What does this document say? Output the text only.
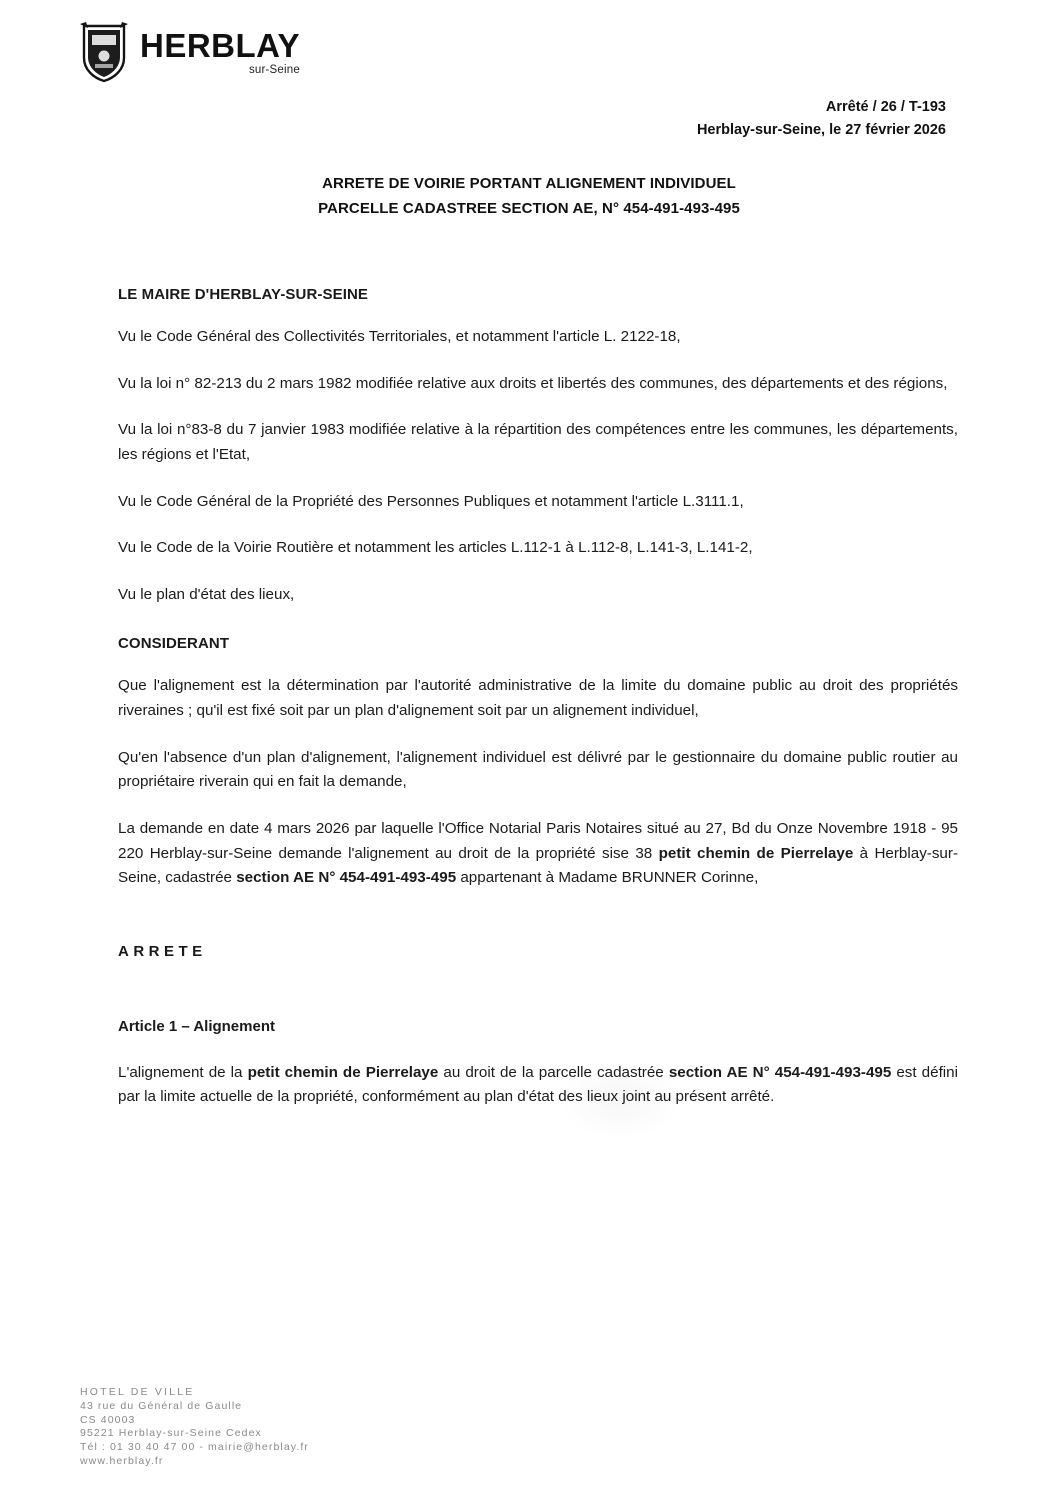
HERBLAY
sur-Seine
Arrêté / 26 / T-193
Herblay-sur-Seine, le 27 février 2026
ARRETE DE VOIRIE PORTANT ALIGNEMENT INDIVIDUEL
PARCELLE CADASTREE SECTION AE, N° 454-491-493-495
LE MAIRE D'HERBLAY-SUR-SEINE

Vu le Code Général des Collectivités Territoriales, et notamment l'article L. 2122-18,

Vu la loi n° 82-213 du 2 mars 1982 modifiée relative aux droits et libertés des communes, des départements et des régions,

Vu la loi n°83-8 du 7 janvier 1983 modifiée relative à la répartition des compétences entre les communes, les départements, les régions et l'Etat,

Vu le Code Général de la Propriété des Personnes Publiques et notamment l'article L.3111.1,

Vu le Code de la Voirie Routière et notamment les articles L.112-1 à L.112-8, L.141-3, L.141-2,

Vu le plan d'état des lieux,

CONSIDERANT

Que l'alignement est la détermination par l'autorité administrative de la limite du domaine public au droit des propriétés riveraines ; qu'il est fixé soit par un plan d'alignement soit par un alignement individuel,

Qu'en l'absence d'un plan d'alignement, l'alignement individuel est délivré par le gestionnaire du domaine public routier au propriétaire riverain qui en fait la demande,

La demande en date 4 mars 2026 par laquelle l'Office Notarial Paris Notaires situé au 27, Bd du Onze Novembre 1918 - 95 220 Herblay-sur-Seine demande l'alignement au droit de la propriété sise 38 petit chemin de Pierrelaye à Herblay-sur-Seine, cadastrée section AE N° 454-491-493-495 appartenant à Madame BRUNNER Corinne,

ARRETE
Article 1 – Alignement

L'alignement de la petit chemin de Pierrelaye au droit de la parcelle cadastrée section AE N° 454-491-493-495 est défini par la limite actuelle de la propriété, conformément au plan d'état des lieux joint au présent arrêté.

HOTEL DE VILLE
43 rue du Général de Gaulle
CS 40003
95221 Herblay-sur-Seine Cedex
Tél : 01 30 40 47 00 - mairie@herblay.fr
www.herblay.fr
